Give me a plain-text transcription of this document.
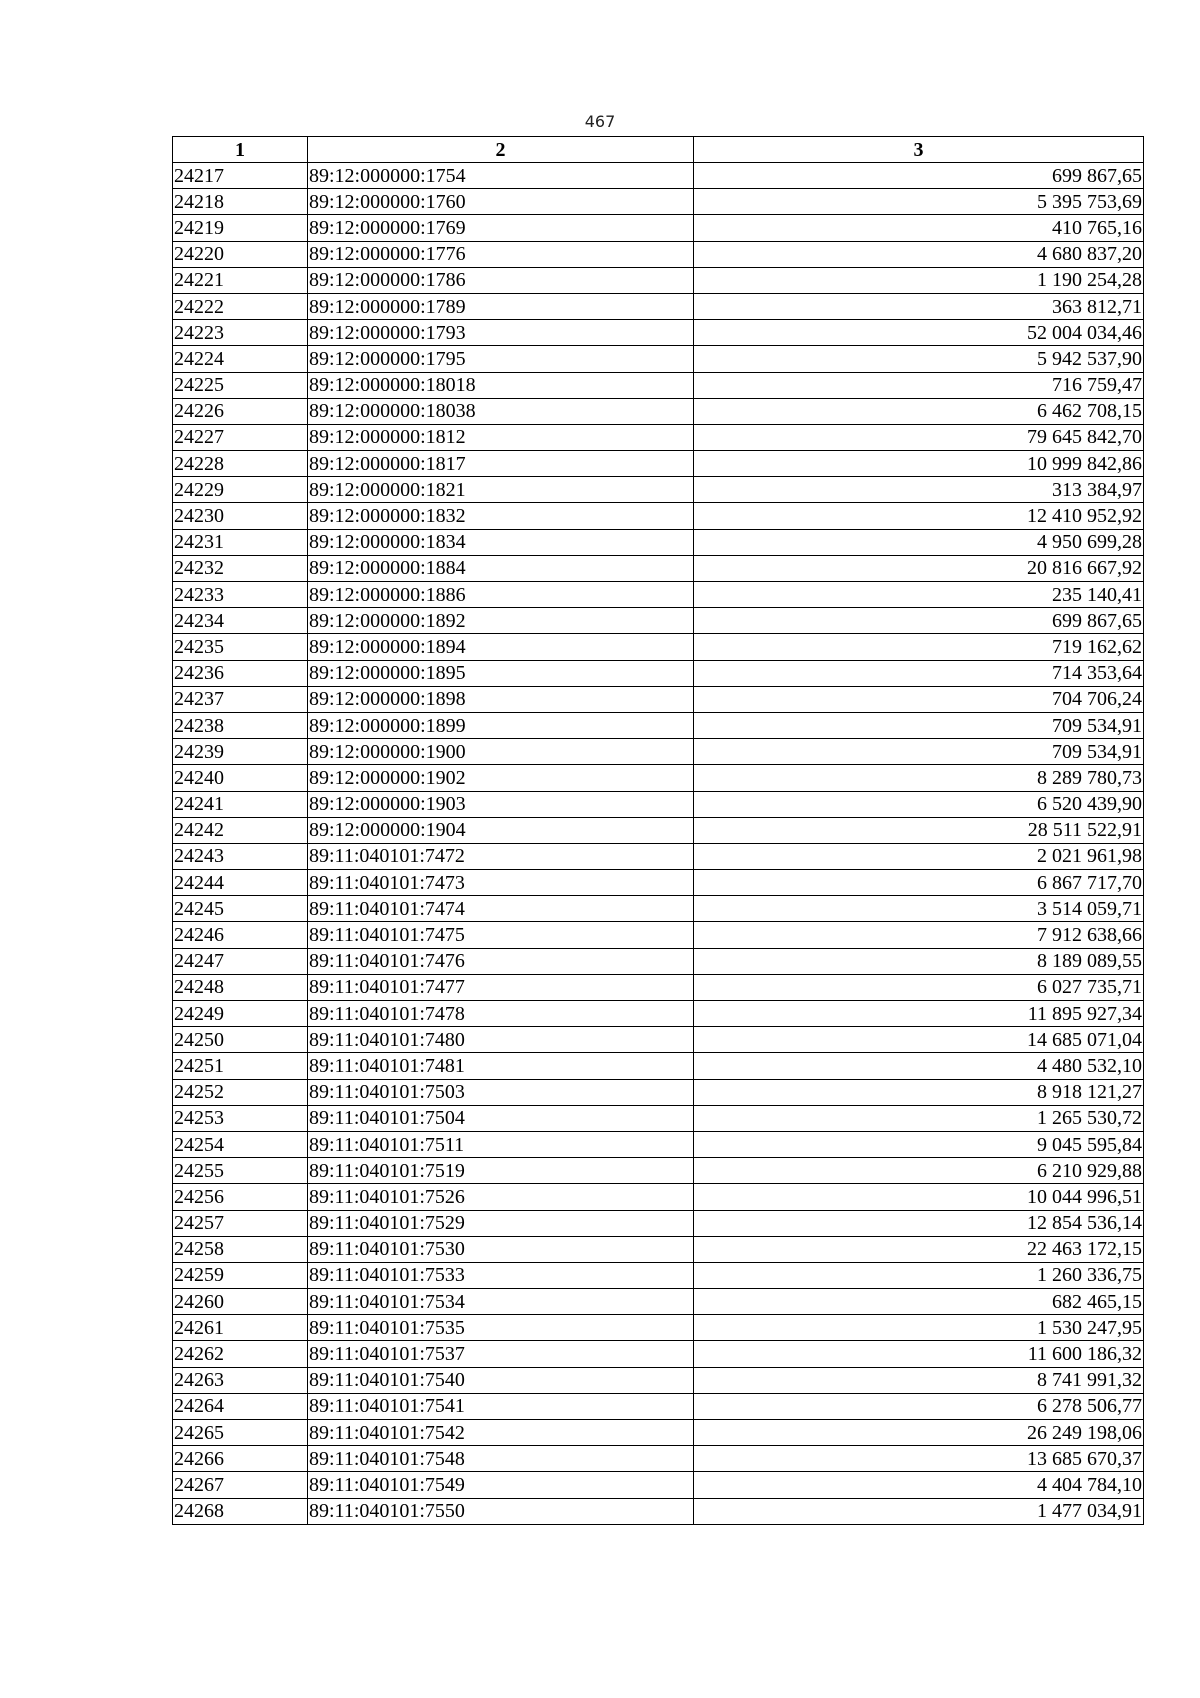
467
1	2	3
24217	89:12:000000:1754	699 867,65
24218	89:12:000000:1760	5 395 753,69
24219	89:12:000000:1769	410 765,16
24220	89:12:000000:1776	4 680 837,20
24221	89:12:000000:1786	1 190 254,28
24222	89:12:000000:1789	363 812,71
24223	89:12:000000:1793	52 004 034,46
24224	89:12:000000:1795	5 942 537,90
24225	89:12:000000:18018	716 759,47
24226	89:12:000000:18038	6 462 708,15
24227	89:12:000000:1812	79 645 842,70
24228	89:12:000000:1817	10 999 842,86
24229	89:12:000000:1821	313 384,97
24230	89:12:000000:1832	12 410 952,92
24231	89:12:000000:1834	4 950 699,28
24232	89:12:000000:1884	20 816 667,92
24233	89:12:000000:1886	235 140,41
24234	89:12:000000:1892	699 867,65
24235	89:12:000000:1894	719 162,62
24236	89:12:000000:1895	714 353,64
24237	89:12:000000:1898	704 706,24
24238	89:12:000000:1899	709 534,91
24239	89:12:000000:1900	709 534,91
24240	89:12:000000:1902	8 289 780,73
24241	89:12:000000:1903	6 520 439,90
24242	89:12:000000:1904	28 511 522,91
24243	89:11:040101:7472	2 021 961,98
24244	89:11:040101:7473	6 867 717,70
24245	89:11:040101:7474	3 514 059,71
24246	89:11:040101:7475	7 912 638,66
24247	89:11:040101:7476	8 189 089,55
24248	89:11:040101:7477	6 027 735,71
24249	89:11:040101:7478	11 895 927,34
24250	89:11:040101:7480	14 685 071,04
24251	89:11:040101:7481	4 480 532,10
24252	89:11:040101:7503	8 918 121,27
24253	89:11:040101:7504	1 265 530,72
24254	89:11:040101:7511	9 045 595,84
24255	89:11:040101:7519	6 210 929,88
24256	89:11:040101:7526	10 044 996,51
24257	89:11:040101:7529	12 854 536,14
24258	89:11:040101:7530	22 463 172,15
24259	89:11:040101:7533	1 260 336,75
24260	89:11:040101:7534	682 465,15
24261	89:11:040101:7535	1 530 247,95
24262	89:11:040101:7537	11 600 186,32
24263	89:11:040101:7540	8 741 991,32
24264	89:11:040101:7541	6 278 506,77
24265	89:11:040101:7542	26 249 198,06
24266	89:11:040101:7548	13 685 670,37
24267	89:11:040101:7549	4 404 784,10
24268	89:11:040101:7550	1 477 034,91
